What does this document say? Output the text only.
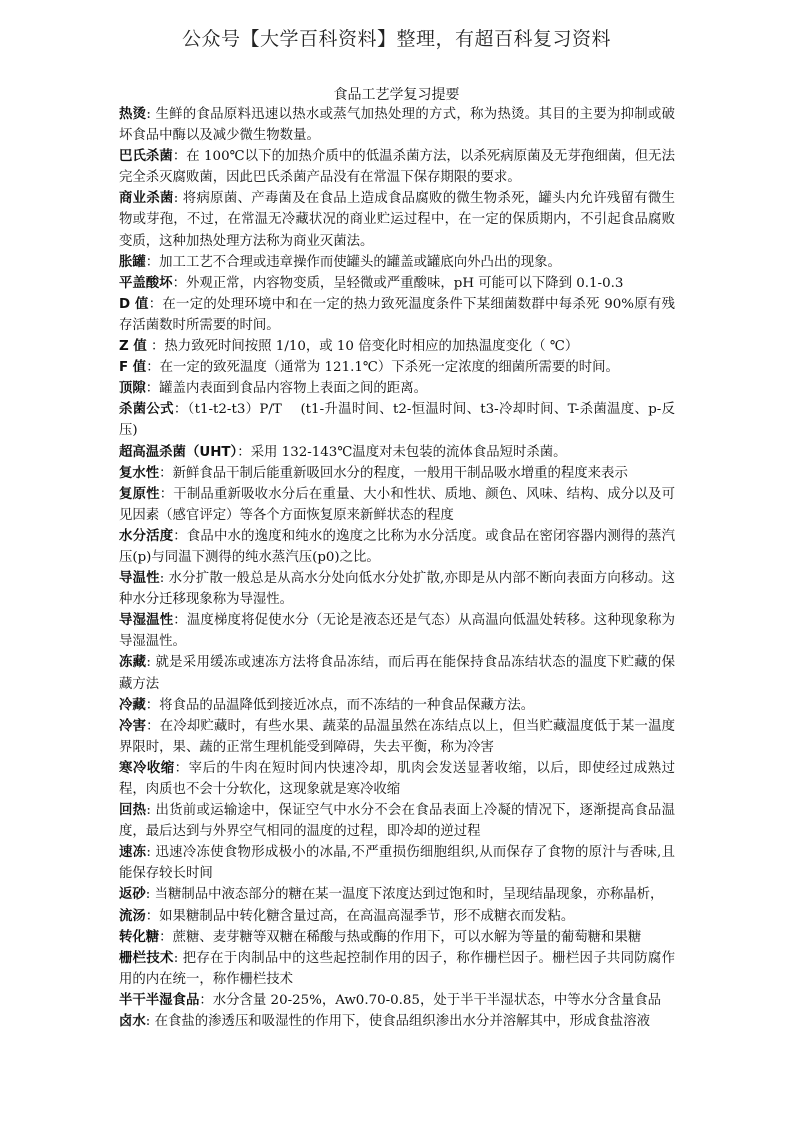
公众号【大学百科资料】整理，有超百科复习资料
食品工艺学复习提要

热烫: 生鲜的食品原料迅速以热水或蒸气加热处理的方式，称为热烫。其目的主要为抑制或破坏食品中酶以及减少微生物数量。

巴氏杀菌：在 100℃以下的加热介质中的低温杀菌方法，以杀死病原菌及无芽孢细菌，但无法完全杀灭腐败菌，因此巴氏杀菌产品没有在常温下保存期限的要求。

商业杀菌: 将病原菌、产毒菌及在食品上造成食品腐败的微生物杀死，罐头内允许残留有微生物或芽孢，不过，在常温无冷藏状况的商业贮运过程中，在一定的保质期内，不引起食品腐败变质，这种加热处理方法称为商业灭菌法。

胀罐：加工工艺不合理或违章操作而使罐头的罐盖或罐底向外凸出的现象。

平盖酸坏：外观正常，内容物变质，呈轻微或严重酸味，pH 可能可以下降到 0.1-0.3

D 值：在一定的处理环境中和在一定的热力致死温度条件下某细菌数群中每杀死 90%原有残存活菌数时所需要的时间。

Z 值 ：热力致死时间按照 1/10，或 10 倍变化时相应的加热温度变化（ ℃）

F 值：在一定的致死温度（通常为 121.1℃）下杀死一定浓度的细菌所需要的时间。

顶隙：罐盖内表面到食品内容物上表面之间的距离。

杀菌公式：（t1-t2-t3）P/T　 (t1-升温时间、t2-恒温时间、t3-冷却时间、T-杀菌温度、p-反压)

超高温杀菌（UHT）：采用 132-143℃温度对未包装的流体食品短时杀菌。

复水性：新鲜食品干制后能重新吸回水分的程度，一般用干制品吸水增重的程度来表示

复原性：干制品重新吸收水分后在重量、大小和性状、质地、颜色、风味、结构、成分以及可见因素（感官评定）等各个方面恢复原来新鲜状态的程度

水分活度：食品中水的逸度和纯水的逸度之比称为水分活度。或食品在密闭容器内测得的蒸汽压(p)与同温下测得的纯水蒸汽压(p0)之比。

导温性: 水分扩散一般总是从高水分处向低水分处扩散,亦即是从内部不断向表面方向移动。这种水分迁移现象称为导湿性。

导湿温性：温度梯度将促使水分（无论是液态还是气态）从高温向低温处转移。这种现象称为导湿温性。

冻藏: 就是采用缓冻或速冻方法将食品冻结，而后再在能保持食品冻结状态的温度下贮藏的保藏方法

冷藏：将食品的品温降低到接近冰点，而不冻结的一种食品保藏方法。

冷害：在冷却贮藏时，有些水果、蔬菜的品温虽然在冻结点以上，但当贮藏温度低于某一温度界限时，果、蔬的正常生理机能受到障碍，失去平衡，称为冷害

寒冷收缩：宰后的牛肉在短时间内快速冷却，肌肉会发送显著收缩，以后，即使经过成熟过程，肉质也不会十分软化，这现象就是寒冷收缩

回热: 出货前或运输途中，保证空气中水分不会在食品表面上冷凝的情况下，逐渐提高食品温度，最后达到与外界空气相同的温度的过程，即冷却的逆过程

速冻: 迅速冷冻使食物形成极小的冰晶,不严重损伤细胞组织,从而保存了食物的原汁与香味,且能保存较长时间

返砂: 当糖制品中液态部分的糖在某一温度下浓度达到过饱和时，呈现结晶现象，亦称晶析，

流汤：如果糖制品中转化糖含量过高，在高温高湿季节，形不成糖衣而发粘。

转化糖：蔗糖、麦芽糖等双糖在稀酸与热或酶的作用下，可以水解为等量的葡萄糖和果糖

栅栏技术: 把存在于肉制品中的这些起控制作用的因子，称作栅栏因子。栅栏因子共同防腐作用的内在统一，称作栅栏技术

半干半湿食品：水分含量 20-25%，Aw0.70-0.85，处于半干半湿状态，中等水分含量食品

卤水: 在食盐的渗透压和吸湿性的作用下，使食品组织渗出水分并溶解其中，形成食盐溶液
